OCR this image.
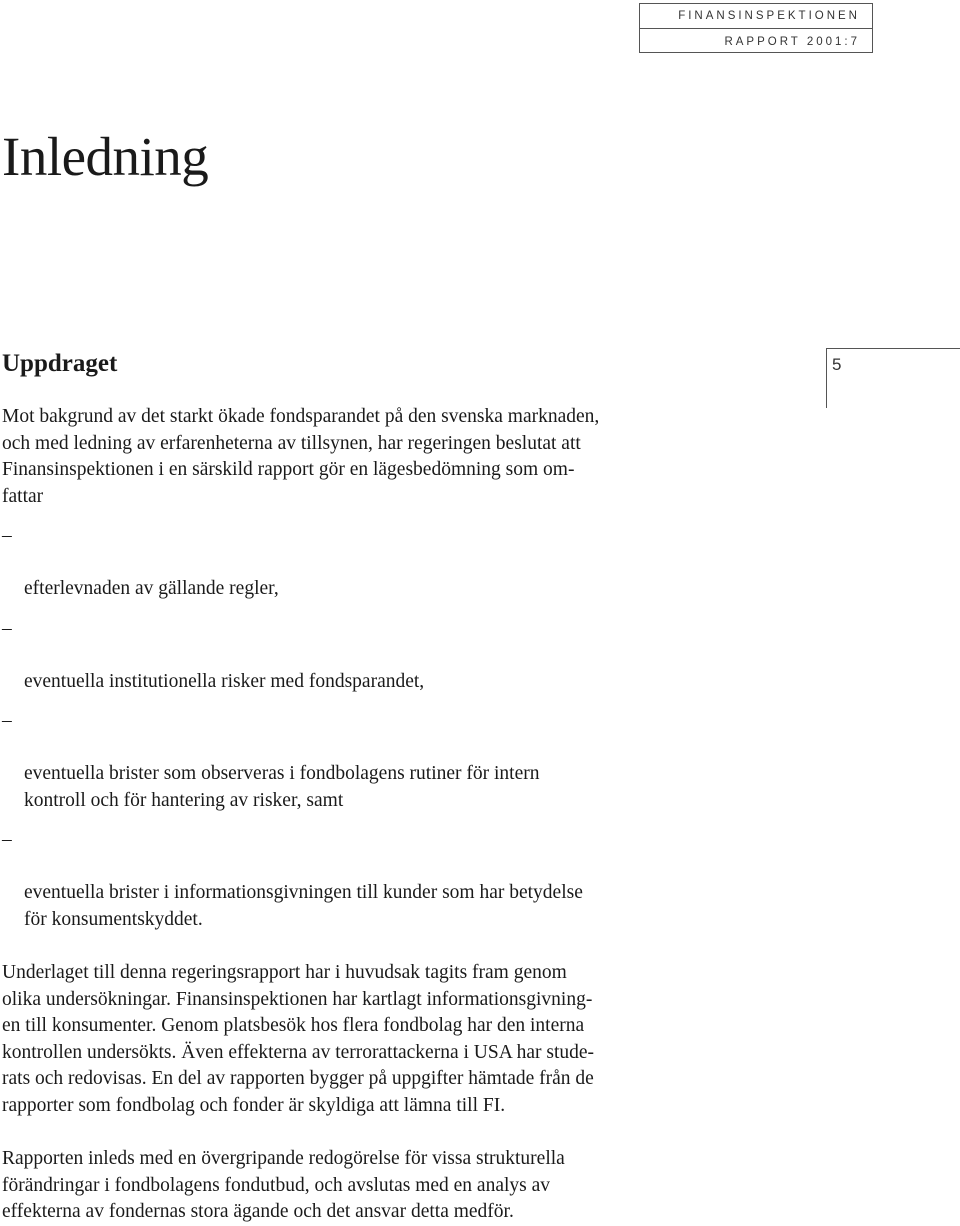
FINANSINSPEKTIONEN
RAPPORT 2001:7
Inledning
Uppdraget	5

Mot bakgrund av det starkt ökade fondsparandet på den svenska marknaden,
och med ledning av erfarenheterna av tillsynen, har regeringen beslutat att
Finansinspektionen i en särskild rapport gör en lägesbedömning som om-
fattar

–

efterlevnaden av gällande regler,

–

eventuella institutionella risker med fondsparandet,

–

eventuella brister som observeras i fondbolagens rutiner för intern
kontroll och för hantering av risker, samt

–

eventuella brister i informationsgivningen till kunder som har betydelse
för konsumentskyddet.

Underlaget till denna regeringsrapport har i huvudsak tagits fram genom
olika undersökningar. Finansinspektionen har kartlagt informationsgivning-
en till konsumenter. Genom platsbesök hos flera fondbolag har den interna
kontrollen undersökts. Även effekterna av terrorattackerna i USA har stude-
rats och redovisas. En del av rapporten bygger på uppgifter hämtade från de
rapporter som fondbolag och fonder är skyldiga att lämna till FI.

Rapporten inleds med en övergripande redogörelse för vissa strukturella
förändringar i fondbolagens fondutbud, och avslutas med en analys av
effekterna av fondernas stora ägande och det ansvar detta medför.
